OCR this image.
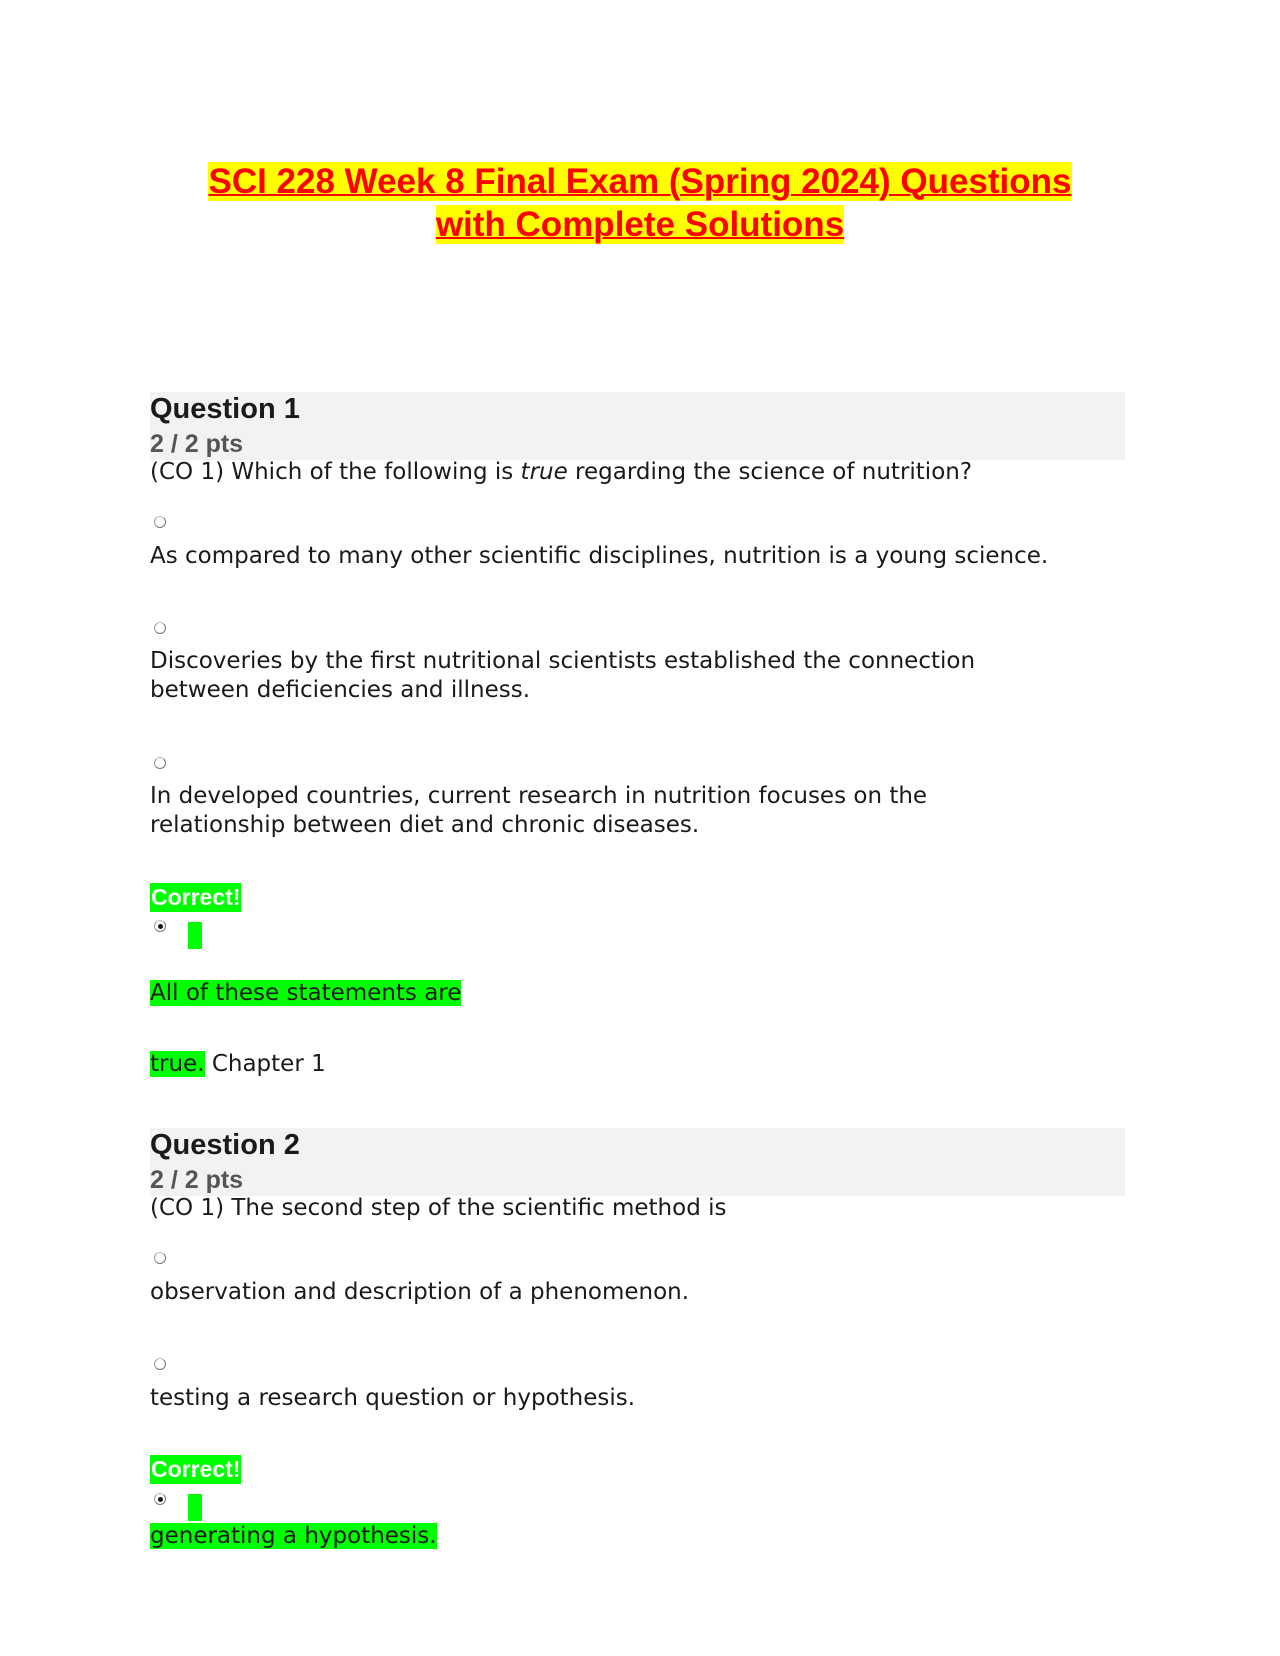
SCI 228 Week 8 Final Exam (Spring 2024) Questions
with Complete Solutions
Question 1
2 / 2 pts
(CO 1) Which of the following is true regarding the science of nutrition?
As compared to many other scientific disciplines, nutrition is a young science.
Discoveries by the first nutritional scientists established the connection between deficiencies and illness.
In developed countries, current research in nutrition focuses on the relationship between diet and chronic diseases.
Correct!
All of these statements are
true. Chapter 1
Question 2
2 / 2 pts
(CO 1) The second step of the scientific method is
observation and description of a phenomenon.
testing a research question or hypothesis.
Correct!
generating a hypothesis.
